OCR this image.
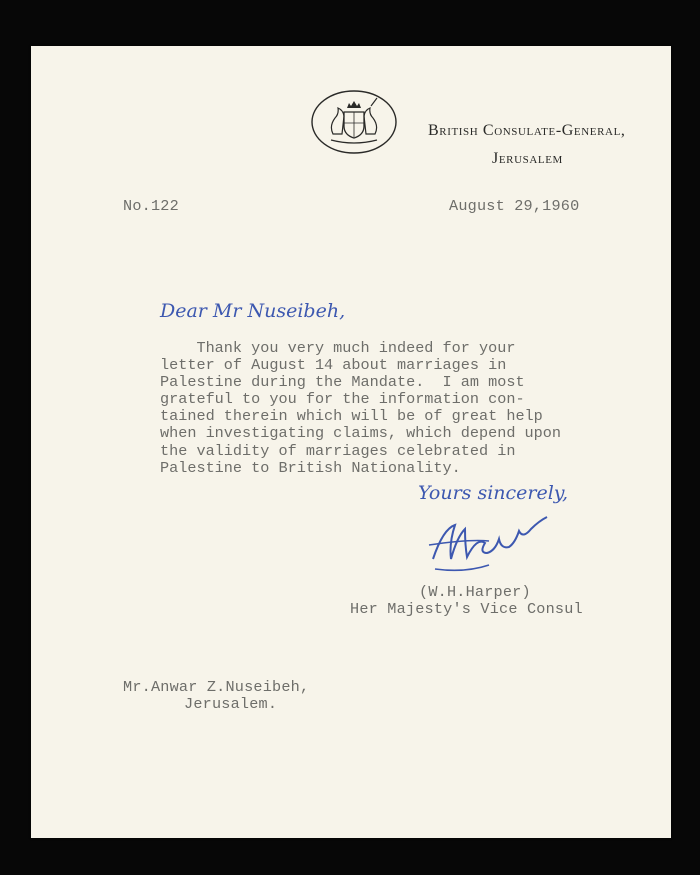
British Consulate-General,
Jerusalem
No.122	August 29,1960
Dear Mr Nuseibeh,
Thank you very much indeed for your
letter of August 14 about marriages in
Palestine during the Mandate.  I am most
grateful to you for the information con-
tained therein which will be of great help
when investigating claims, which depend upon
the validity of marriages celebrated in
Palestine to British Nationality.
Yours sincerely,
(W.H.Harper)
Her Majesty's Vice Consul
Mr.Anwar Z.Nuseibeh,
Jerusalem.
